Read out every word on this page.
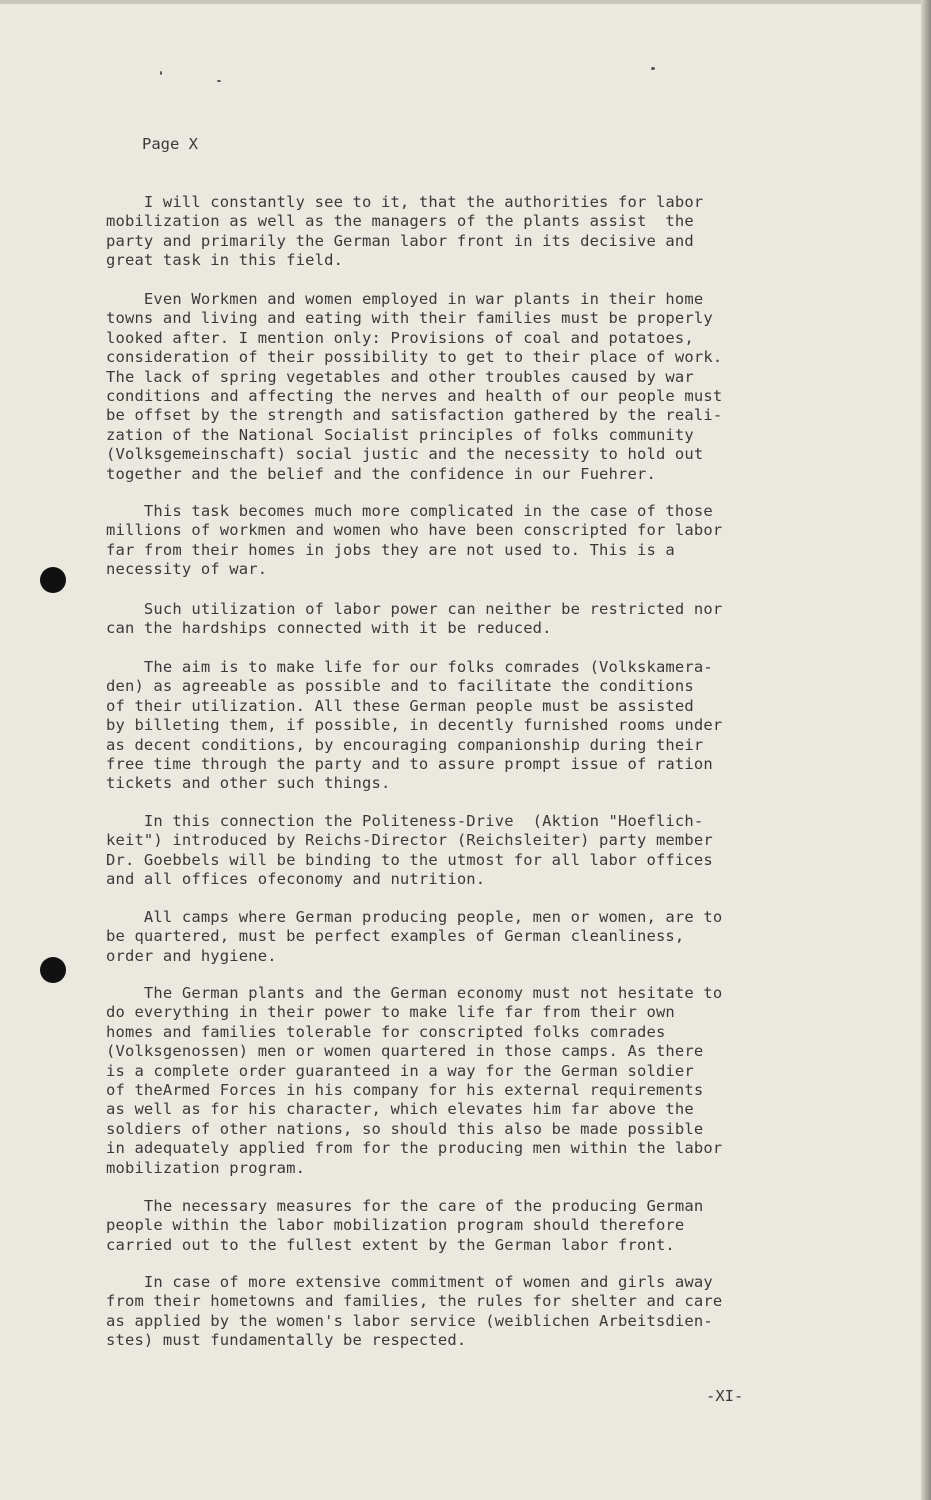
Page X
I will constantly see to it, that the authorities for labor
mobilization as well as the managers of the plants assist  the
party and primarily the German labor front in its decisive and
great task in this field.
Even Workmen and women employed in war plants in their home
towns and living and eating with their families must be properly
looked after. I mention only: Provisions of coal and potatoes,
consideration of their possibility to get to their place of work.
The lack of spring vegetables and other troubles caused by war
conditions and affecting the nerves and health of our people must
be offset by the strength and satisfaction gathered by the reali-
zation of the National Socialist principles of folks community
(Volksgemeinschaft) social justic and the necessity to hold out
together and the belief and the confidence in our Fuehrer.
This task becomes much more complicated in the case of those
millions of workmen and women who have been conscripted for labor
far from their homes in jobs they are not used to. This is a
necessity of war.
Such utilization of labor power can neither be restricted nor
can the hardships connected with it be reduced.
The aim is to make life for our folks comrades (Volkskamera-
den) as agreeable as possible and to facilitate the conditions
of their utilization. All these German people must be assisted
by billeting them, if possible, in decently furnished rooms under
as decent conditions, by encouraging companionship during their
free time through the party and to assure prompt issue of ration
tickets and other such things.
In this connection the Politeness-Drive  (Aktion "Hoeflich-
keit") introduced by Reichs-Director (Reichsleiter) party member
Dr. Goebbels will be binding to the utmost for all labor offices
and all offices ofeconomy and nutrition.
All camps where German producing people, men or women, are to
be quartered, must be perfect examples of German cleanliness,
order and hygiene.
The German plants and the German economy must not hesitate to
do everything in their power to make life far from their own
homes and families tolerable for conscripted folks comrades
(Volksgenossen) men or women quartered in those camps. As there
is a complete order guaranteed in a way for the German soldier
of theArmed Forces in his company for his external requirements
as well as for his character, which elevates him far above the
soldiers of other nations, so should this also be made possible
in adequately applied from for the producing men within the labor
mobilization program.
The necessary measures for the care of the producing German
people within the labor mobilization program should therefore
carried out to the fullest extent by the German labor front.
In case of more extensive commitment of women and girls away
from their hometowns and families, the rules for shelter and care
as applied by the women's labor service (weiblichen Arbeitsdien-
stes) must fundamentally be respected.
-XI-
